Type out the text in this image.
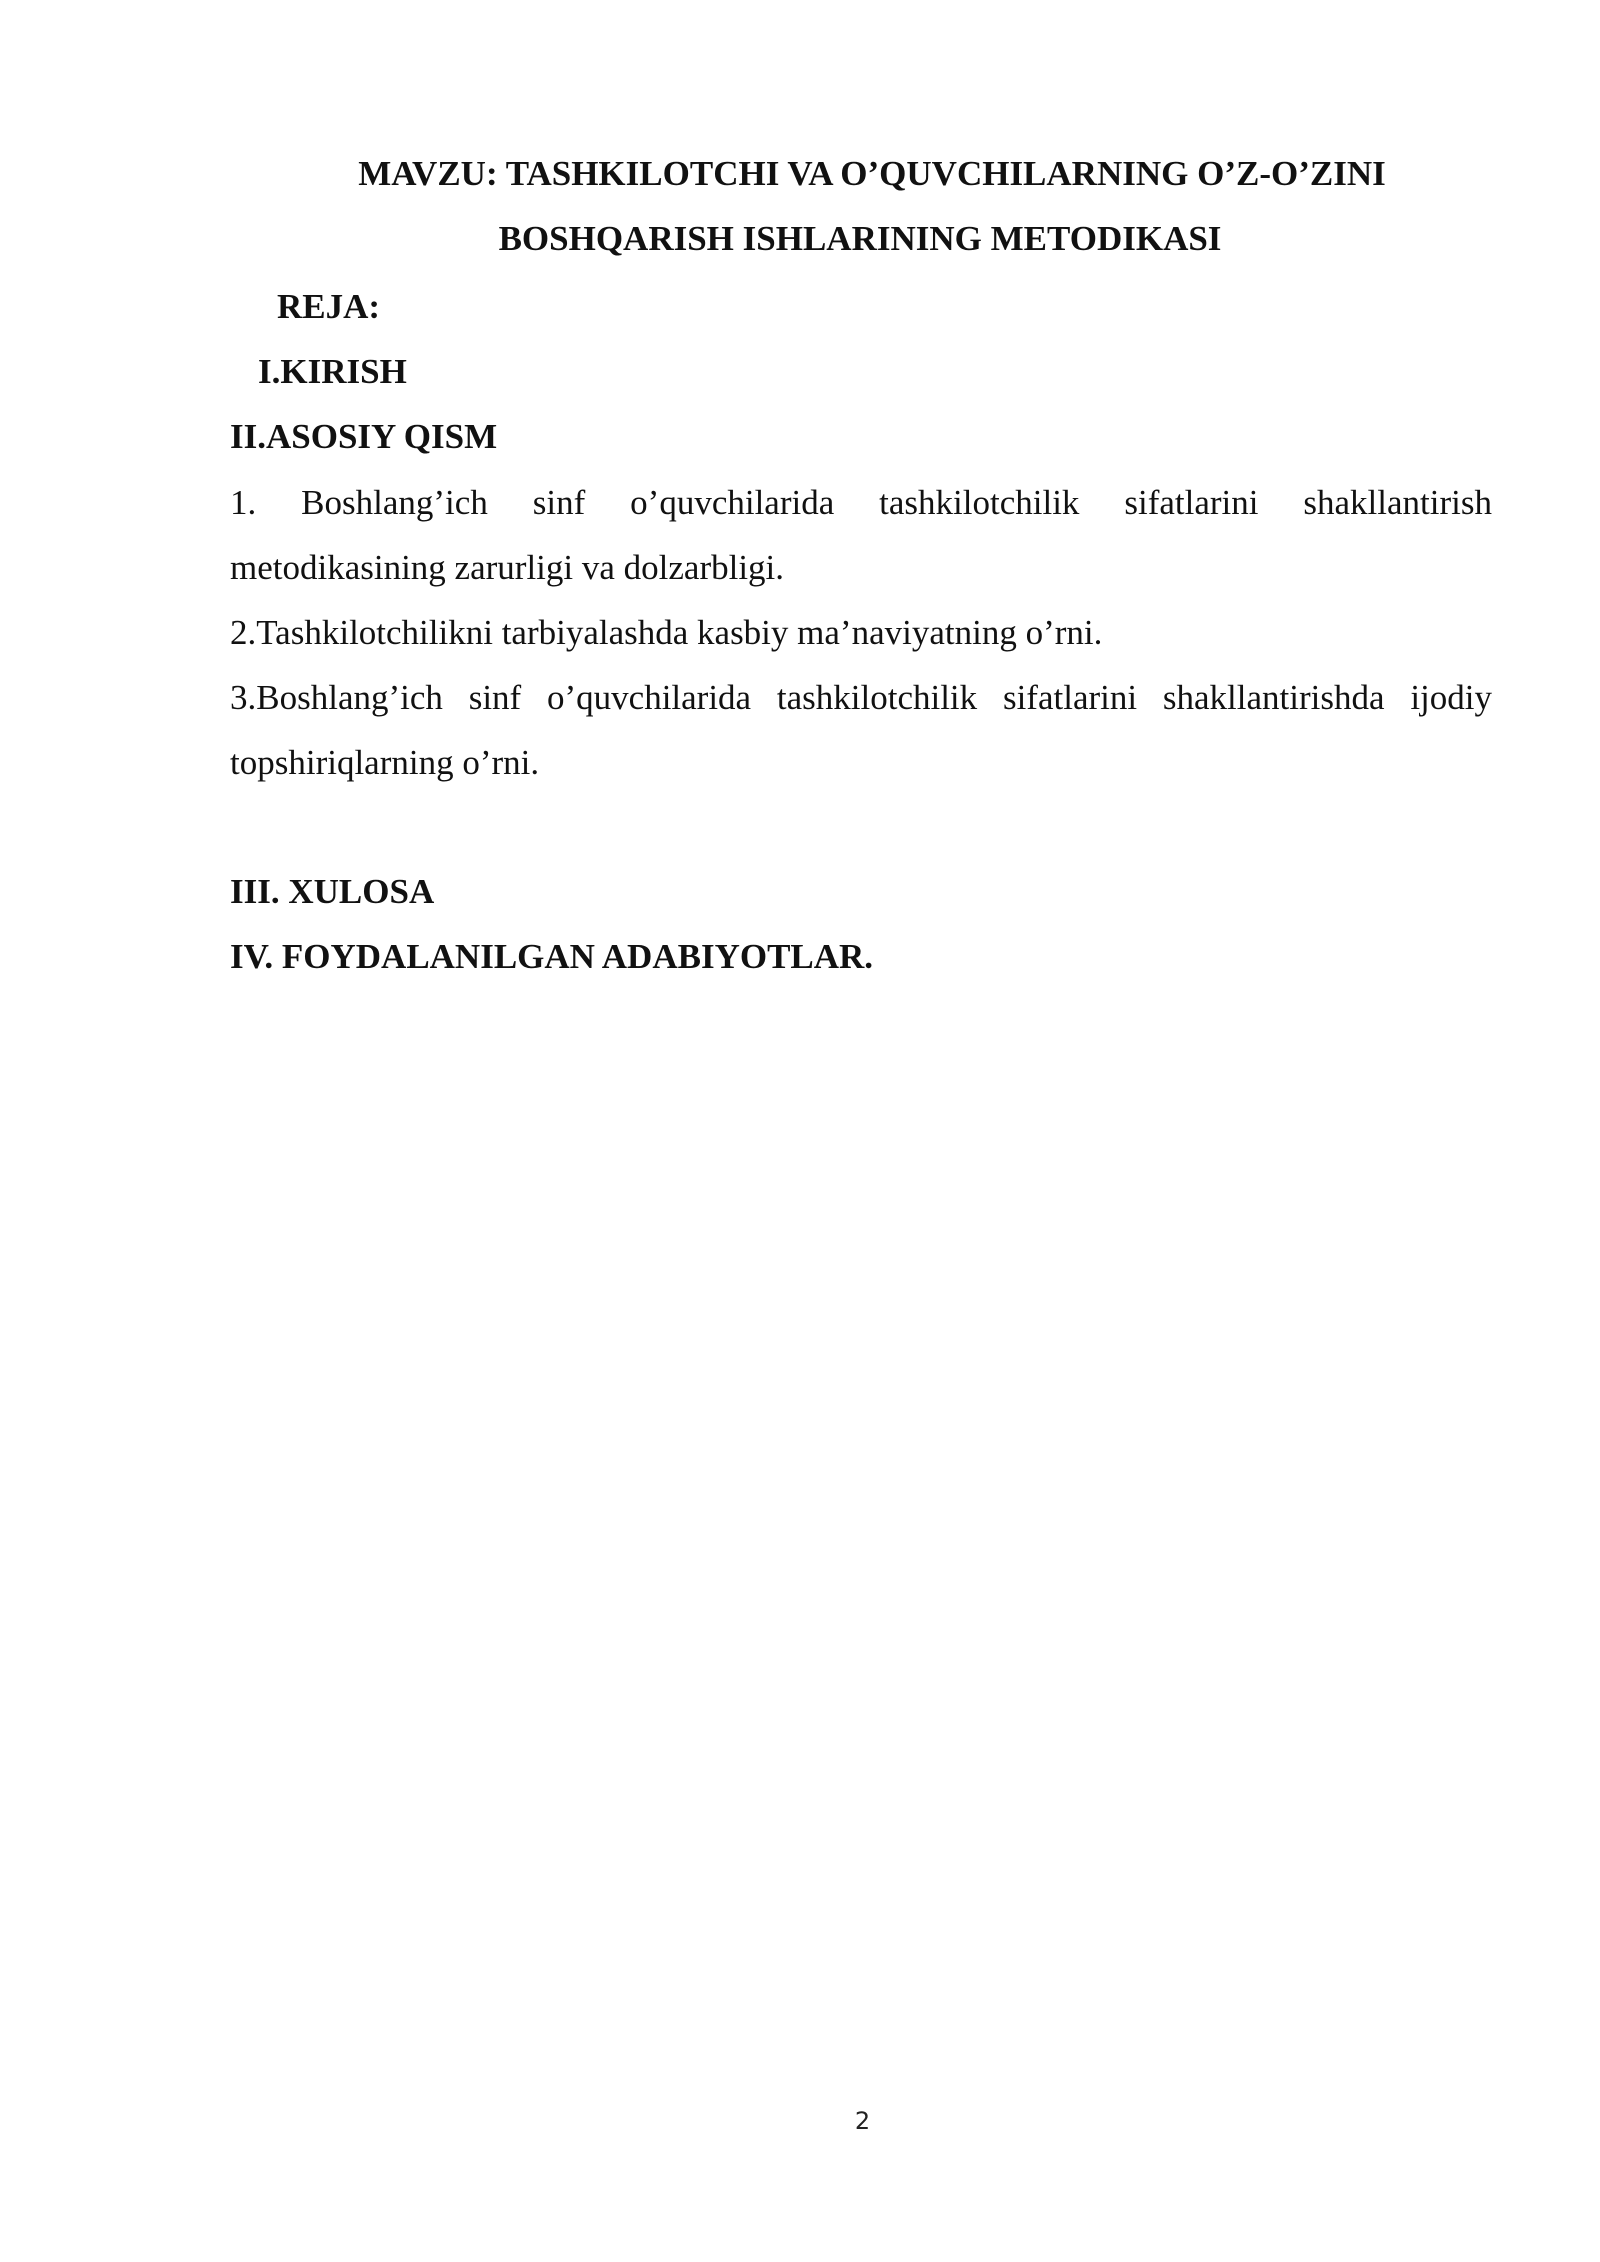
MAVZU: TASHKILOTCHI VA O’QUVCHILARNING O’Z-O’ZINI
BOSHQARISH ISHLARINING METODIKASI
REJA:
I.KIRISH
II.ASOSIY QISM
1. Boshlang’ich sinf o’quvchilarida tashkilotchilik sifatlarini shakllantirish metodikasining zarurligi va dolzarbligi.
2.Tashkilotchilikni tarbiyalashda kasbiy ma’naviyatning o’rni.
3.Boshlang’ich sinf o’quvchilarida tashkilotchilik sifatlarini shakllantirishda ijodiy topshiriqlarning o’rni.
III. XULOSA
IV. FOYDALANILGAN ADABIYOTLAR.
2
